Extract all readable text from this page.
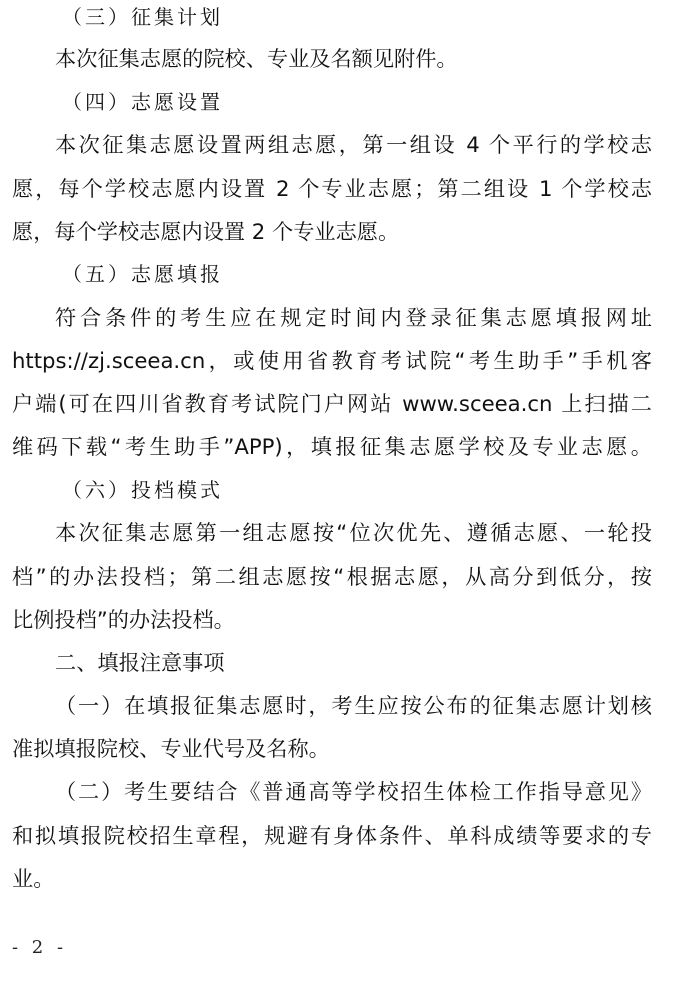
（三）征集计划
本次征集志愿的院校、专业及名额见附件。
（四）志愿设置
本次征集志愿设置两组志愿，第一组设 4 个平行的学校志
愿，每个学校志愿内设置 2 个专业志愿；第二组设 1 个学校志
愿，每个学校志愿内设置 2 个专业志愿。
（五）志愿填报
符合条件的考生应在规定时间内登录征集志愿填报网址
https://zj.sceea.cn，或使用省教育考试院“考生助手”手机客
户端(可在四川省教育考试院门户网站 www.sceea.cn 上扫描二
维码下载“考生助手”APP)，填报征集志愿学校及专业志愿。
（六）投档模式
本次征集志愿第一组志愿按“位次优先、遵循志愿、一轮投
档”的办法投档；第二组志愿按“根据志愿，从高分到低分，按
比例投档”的办法投档。
二、填报注意事项
（一）在填报征集志愿时，考生应按公布的征集志愿计划核
准拟填报院校、专业代号及名称。
（二）考生要结合《普通高等学校招生体检工作指导意见》
和拟填报院校招生章程，规避有身体条件、单科成绩等要求的专
业。
- 2 -
